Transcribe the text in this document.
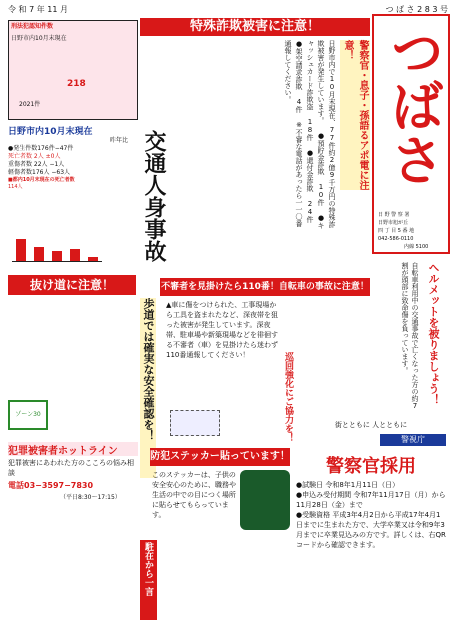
令 和 7 年 11 月	つ ば さ 2 8 3 号
刑法犯認知件数
日野市内10月末現在
218
2021件
日野市内10月末現在
昨年比
●発生件数176件−47件
死亡者数 2人 ±0人
重傷者数 22人 −1人
軽傷者数176人 −63人
■都内10月末現在の死亡者数
114人	交通人身事故
特殊詐欺被害に注意！
警察官・息子・孫語るアポ電に注意！
日野市内で10月末現在、77件約2億9千万円の特殊詐欺被害が発生しています。 ●預貯金詐欺 10件 ●キャッシュカード詐欺盗 18件 ●還付金詐欺 24件 ●架空請求詐欺 4件 ※不審な電話があったら一一〇番通報してください。	つばさ
日 野 警 察 署
日野市旭が丘
四 丁 目 5 番 地
042-586-0110
内線 5100
抜け道に注意！
歩道では確実な安全確認を！
ゾーン30
不審者を見掛けたら110番！自転車の事故に注意！
▲車に傷をつけられた、工事現場から工具を盗まれたなど、深夜帯を狙った被害が発生しています。深夜帯、駐車場や新築現場などを徘徊する不審者（車）を見掛けたら迷わず110番通報してください！	巡回強化にご協力を！	ヘルメットを被りましょう！
自転車利用中の交通事故で亡くなった方の約7割が頭部に致命傷を負っています。
犯罪被害者ホットライン
犯罪被害にあわれた方のこころの悩み相談
電話03−3597−7830
（平日8:30〜17:15）
防犯ステッカー貼っています！
このステッカーは、子供の安全安心のために、職務や生活の中での目につく場所に貼らせてもらっています。
駐在から一言
街とともに 人とともに
警視庁
警察官採用
●試験日 令和8年1月11日（日）
●申込み受付期間 令和7年11月17日（月）から 11月28日（金）まで
●受験資格 平成3年4月2日から平成17年4月1日までに生まれた方で、大学卒業又は令和9年3月までに卒業見込みの方です。詳しくは、右QRコードから確認できます。
